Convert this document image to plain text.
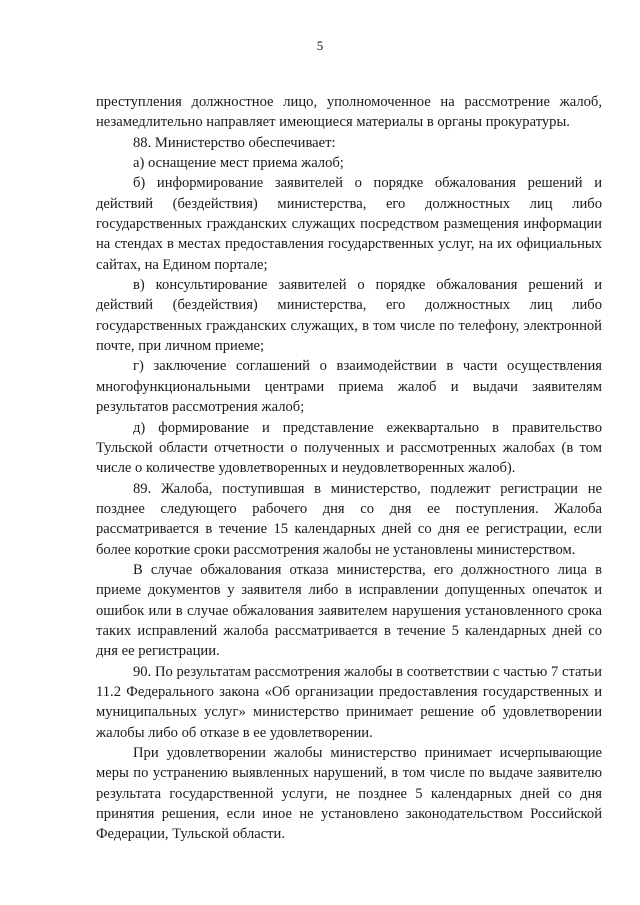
5

преступления должностное лицо, уполномоченное на рассмотрение жалоб, незамедлительно направляет имеющиеся материалы в органы прокуратуры.

88. Министерство обеспечивает:

а) оснащение мест приема жалоб;

б) информирование заявителей о порядке обжалования решений и действий (бездействия) министерства, его должностных лиц либо государственных гражданских служащих посредством размещения информации на стендах в местах предоставления государственных услуг, на их официальных сайтах, на Едином портале;

в) консультирование заявителей о порядке обжалования решений и действий (бездействия) министерства, его должностных лиц либо государственных гражданских служащих, в том числе по телефону, электронной почте, при личном приеме;

г) заключение соглашений о взаимодействии в части осуществления многофункциональными центрами приема жалоб и выдачи заявителям результатов рассмотрения жалоб;

д) формирование и представление ежеквартально в правительство Тульской области отчетности о полученных и рассмотренных жалобах (в том числе о количестве удовлетворенных и неудовлетворенных жалоб).

89. Жалоба, поступившая в министерство, подлежит регистрации не позднее следующего рабочего дня со дня ее поступления. Жалоба рассматривается в течение 15 календарных дней со дня ее регистрации, если более короткие сроки рассмотрения жалобы не установлены министерством.

В случае обжалования отказа министерства, его должностного лица в приеме документов у заявителя либо в исправлении допущенных опечаток и ошибок или в случае обжалования заявителем нарушения установленного срока таких исправлений жалоба рассматривается в течение 5 календарных дней со дня ее регистрации.

90. По результатам рассмотрения жалобы в соответствии с частью 7 статьи 11.2 Федерального закона «Об организации предоставления государственных и муниципальных услуг» министерство принимает решение об удовлетворении жалобы либо об отказе в ее удовлетворении.

При удовлетворении жалобы министерство принимает исчерпывающие меры по устранению выявленных нарушений, в том числе по выдаче заявителю результата государственной услуги, не позднее 5 календарных дней со дня принятия решения, если иное не установлено законодательством Российской Федерации, Тульской области.
